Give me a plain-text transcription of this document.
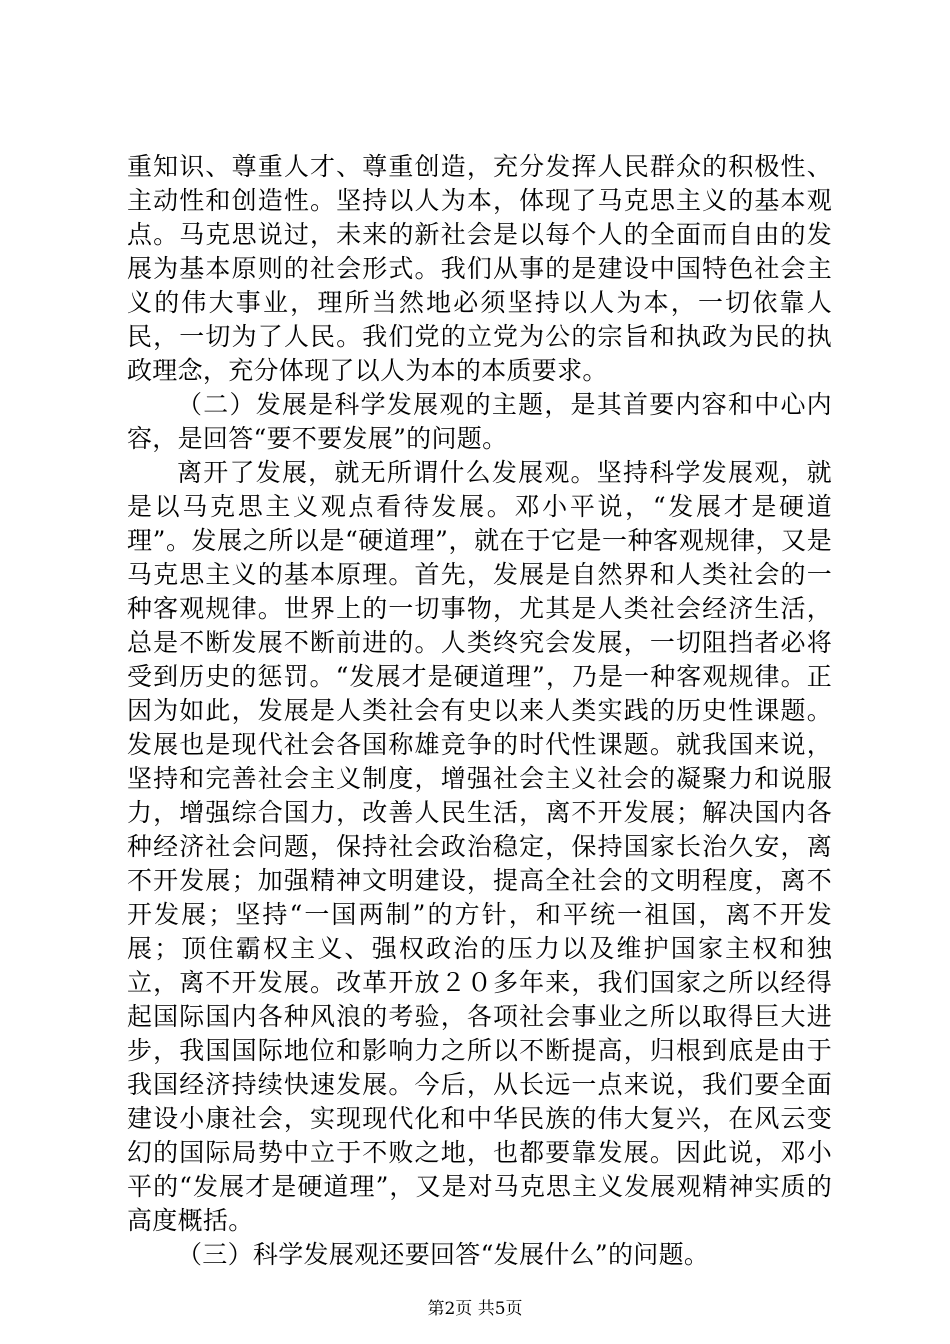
重知识、尊重人才、尊重创造，充分发挥人民群众的积极性、主动性和创造性。坚持以人为本，体现了马克思主义的基本观点。马克思说过，未来的新社会是以每个人的全面而自由的发展为基本原则的社会形式。我们从事的是建设中国特色社会主义的伟大事业，理所当然地必须坚持以人为本，一切依靠人民，一切为了人民。我们党的立党为公的宗旨和执政为民的执政理念，充分体现了以人为本的本质要求。

（二）发展是科学发展观的主题，是其首要内容和中心内容，是回答“要不要发展”的问题。

离开了发展，就无所谓什么发展观。坚持科学发展观，就是以马克思主义观点看待发展。邓小平说，“发展才是硬道理”。发展之所以是“硬道理”，就在于它是一种客观规律，又是马克思主义的基本原理。首先，发展是自然界和人类社会的一种客观规律。世界上的一切事物，尤其是人类社会经济生活，总是不断发展不断前进的。人类终究会发展，一切阻挡者必将受到历史的惩罚。“发展才是硬道理”，乃是一种客观规律。正因为如此，发展是人类社会有史以来人类实践的历史性课题。发展也是现代社会各国称雄竞争的时代性课题。就我国来说，坚持和完善社会主义制度，增强社会主义社会的凝聚力和说服力，增强综合国力，改善人民生活，离不开发展；解决国内各种经济社会问题，保持社会政治稳定，保持国家长治久安，离不开发展；加强精神文明建设，提高全社会的文明程度，离不开发展；坚持“一国两制”的方针，和平统一祖国，离不开发展；顶住霸权主义、强权政治的压力以及维护国家主权和独立，离不开发展。改革开放２０多年来，我们国家之所以经得起国际国内各种风浪的考验，各项社会事业之所以取得巨大进步，我国国际地位和影响力之所以不断提高，归根到底是由于我国经济持续快速发展。今后，从长远一点来说，我们要全面建设小康社会，实现现代化和中华民族的伟大复兴，在风云变幻的国际局势中立于不败之地，也都要靠发展。因此说，邓小平的“发展才是硬道理”，又是对马克思主义发展观精神实质的高度概括。

（三）科学发展观还要回答“发展什么”的问题。

第2页 共5页
